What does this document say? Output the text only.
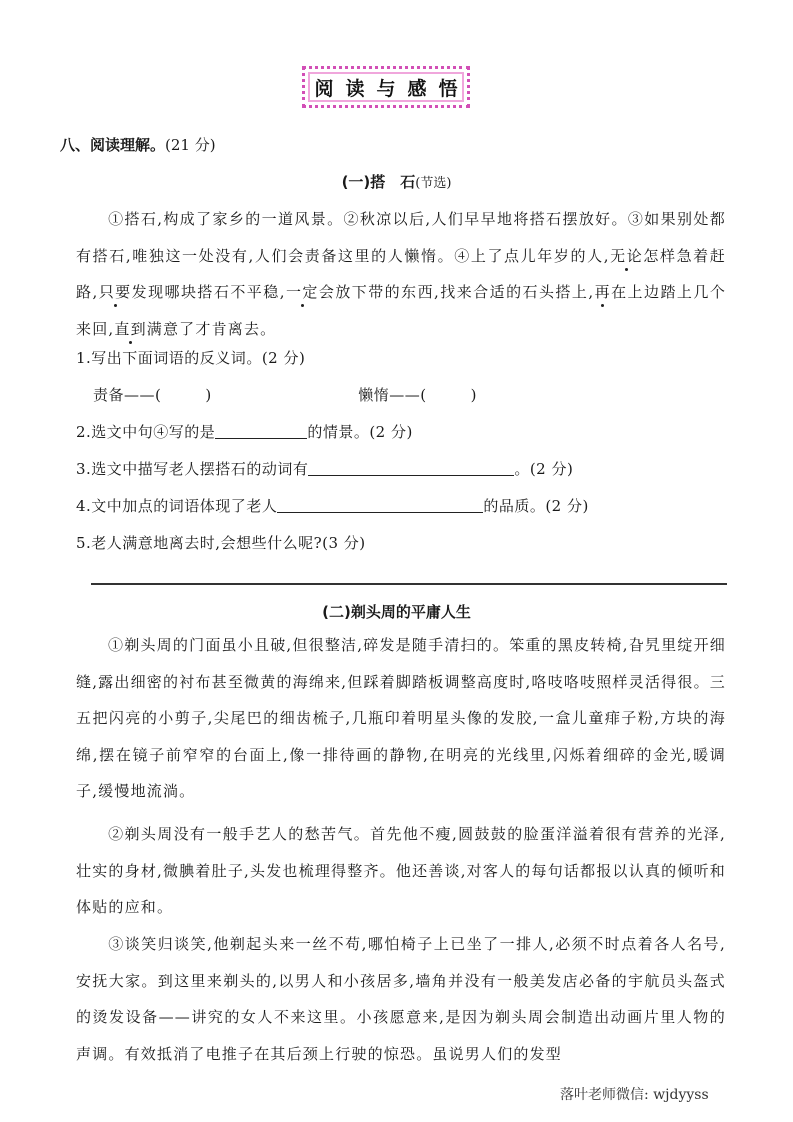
阅读与感悟
八、阅读理解。(21 分)
(一)搭　石(节选)
①搭石,构成了家乡的一道风景。②秋凉以后,人们早早地将搭石摆放好。③如果别处都有搭石,唯独这一处没有,人们会责备这里的人懒惰。④上了点儿年岁的人,无论怎样急着赶路,只要发现哪块搭石不平稳,一定会放下带的东西,找来合适的石头搭上,再在上边踏上几个来回,直到满意了才肯离去。
1.写出下面词语的反义词。(2 分)
责备——(	)	懒惰——(	)
2.选文中句④写的是	的情景。(2 分)
3.选文中描写老人摆搭石的动词有	。(2 分)
4.文中加点的词语体现了老人	的品质。(2 分)
5.老人满意地离去时,会想些什么呢?(3 分)
(二)剃头周的平庸人生
①剃头周的门面虽小且破,但很整洁,碎发是随手清扫的。笨重的黑皮转椅,旮旯里绽开细缝,露出细密的衬布甚至微黄的海绵来,但踩着脚踏板调整高度时,咯吱咯吱照样灵活得很。三五把闪亮的小剪子,尖尾巴的细齿梳子,几瓶印着明星头像的发胶,一盒儿童痱子粉,方块的海绵,摆在镜子前窄窄的台面上,像一排待画的静物,在明亮的光线里,闪烁着细碎的金光,暖调子,缓慢地流淌。
②剃头周没有一般手艺人的愁苦气。首先他不瘦,圆鼓鼓的脸蛋洋溢着很有营养的光泽,壮实的身材,微腆着肚子,头发也梳理得整齐。他还善谈,对客人的每句话都报以认真的倾听和体贴的应和。
③谈笑归谈笑,他剃起头来一丝不苟,哪怕椅子上已坐了一排人,必须不时点着各人名号,安抚大家。到这里来剃头的,以男人和小孩居多,墙角并没有一般美发店必备的宇航员头盔式的烫发设备——讲究的女人不来这里。小孩愿意来,是因为剃头周会制造出动画片里人物的声调。有效抵消了电推子在其后颈上行驶的惊恐。虽说男人们的发型
落叶老师微信: wjdyyss
